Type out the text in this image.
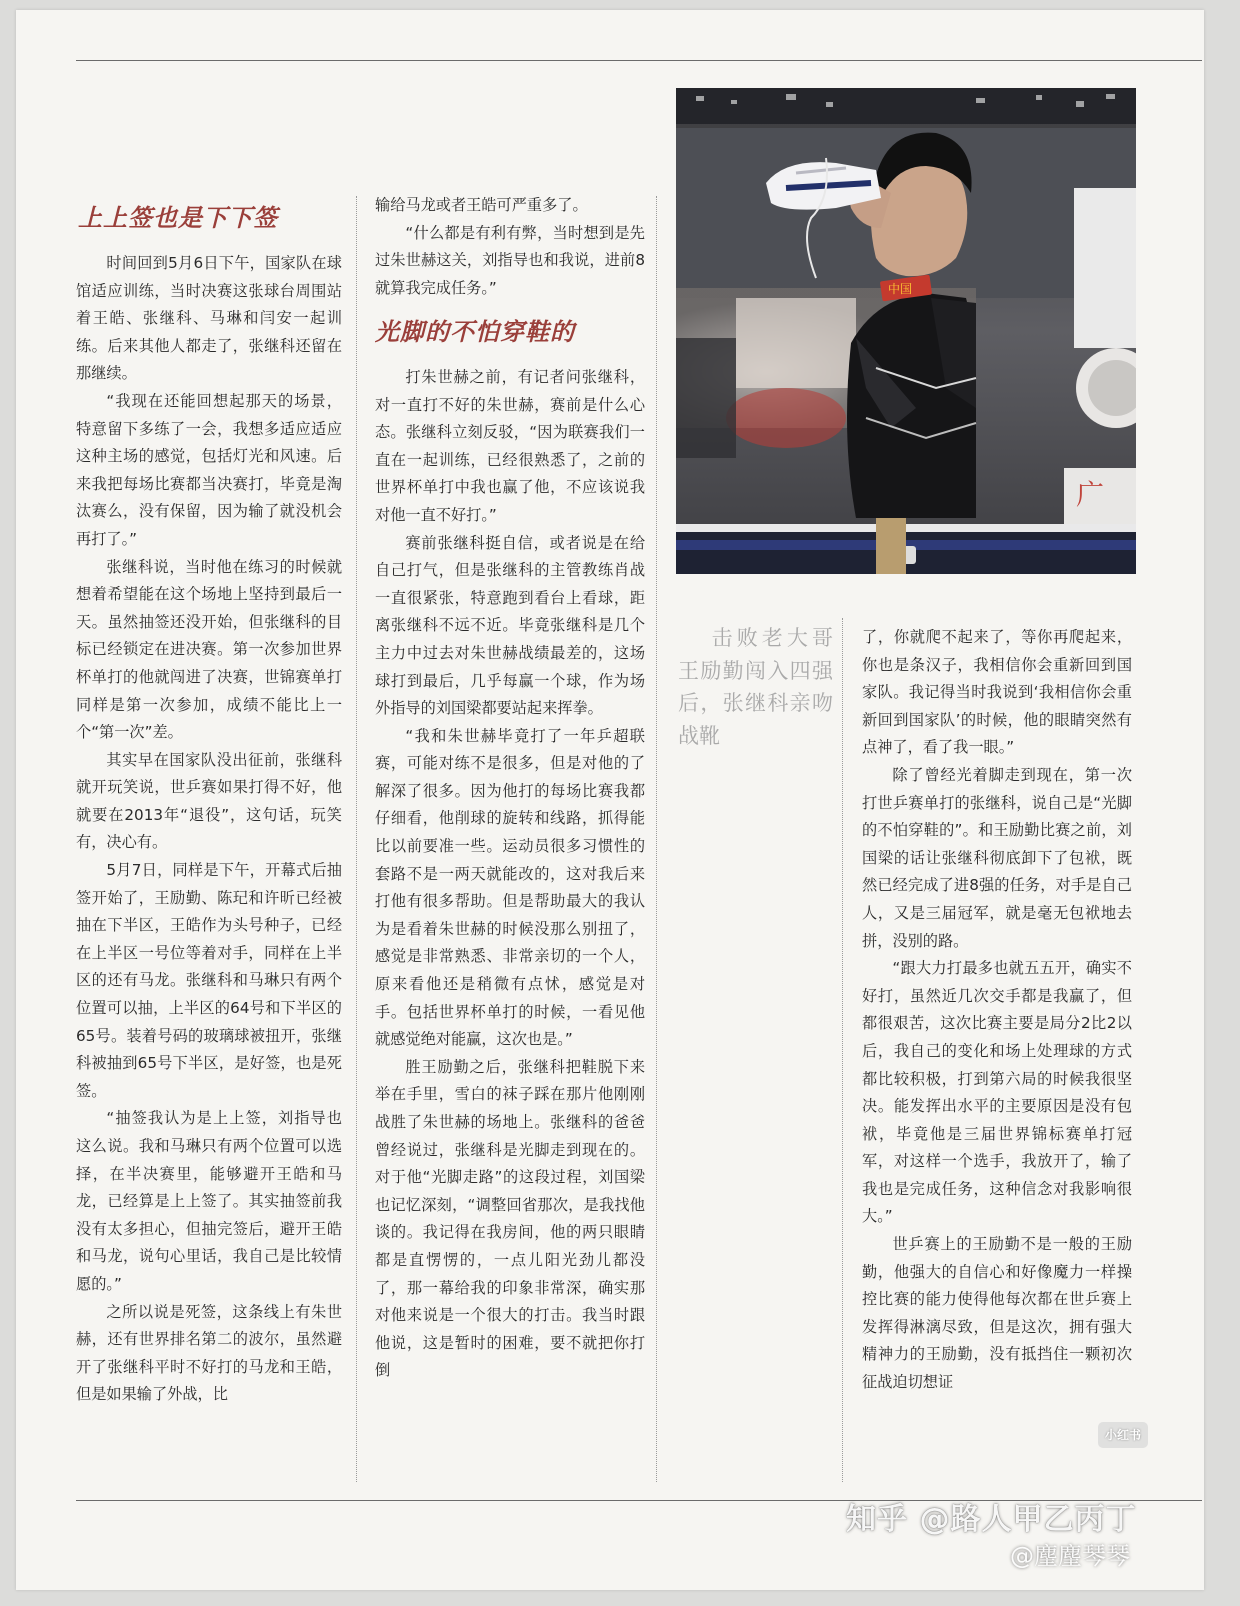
上上签也是下下签

时间回到5月6日下午，国家队在球馆适应训练，当时决赛这张球台周围站着王皓、张继科、马琳和闫安一起训练。后来其他人都走了，张继科还留在那继续。

“我现在还能回想起那天的场景，特意留下多练了一会，我想多适应适应这种主场的感觉，包括灯光和风速。后来我把每场比赛都当决赛打，毕竟是淘汰赛么，没有保留，因为输了就没机会再打了。”

张继科说，当时他在练习的时候就想着希望能在这个场地上坚持到最后一天。虽然抽签还没开始，但张继科的目标已经锁定在进决赛。第一次参加世界杯单打的他就闯进了决赛，世锦赛单打同样是第一次参加，成绩不能比上一个“第一次”差。

其实早在国家队没出征前，张继科就开玩笑说，世乒赛如果打得不好，他就要在2013年“退役”，这句话，玩笑有，决心有。

5月7日，同样是下午，开幕式后抽签开始了，王励勤、陈玘和许昕已经被抽在下半区，王皓作为头号种子，已经在上半区一号位等着对手，同样在上半区的还有马龙。张继科和马琳只有两个位置可以抽，上半区的64号和下半区的65号。装着号码的玻璃球被扭开，张继科被抽到65号下半区，是好签，也是死签。

“抽签我认为是上上签，刘指导也这么说。我和马琳只有两个位置可以选择，在半决赛里，能够避开王皓和马龙，已经算是上上签了。其实抽签前我没有太多担心，但抽完签后，避开王皓和马龙，说句心里话，我自己是比较情愿的。”

之所以说是死签，这条线上有朱世赫，还有世界排名第二的波尔，虽然避开了张继科平时不好打的马龙和王皓，但是如果输了外战，比

输给马龙或者王皓可严重多了。

“什么都是有利有弊，当时想到是先过朱世赫这关，刘指导也和我说，进前8就算我完成任务。”

光脚的不怕穿鞋的

打朱世赫之前，有记者问张继科，对一直打不好的朱世赫，赛前是什么心态。张继科立刻反驳，“因为联赛我们一直在一起训练，已经很熟悉了，之前的世界杯单打中我也赢了他，不应该说我对他一直不好打。”

赛前张继科挺自信，或者说是在给自己打气，但是张继科的主管教练肖战一直很紧张，特意跑到看台上看球，距离张继科不远不近。毕竟张继科是几个主力中过去对朱世赫战绩最差的，这场球打到最后，几乎每赢一个球，作为场外指导的刘国梁都要站起来挥拳。

“我和朱世赫毕竟打了一年乒超联赛，可能对练不是很多，但是对他的了解深了很多。因为他打的每场比赛我都仔细看，他削球的旋转和线路，抓得能比以前要准一些。运动员很多习惯性的套路不是一两天就能改的，这对我后来打他有很多帮助。但是帮助最大的我认为是看着朱世赫的时候没那么别扭了，感觉是非常熟悉、非常亲切的一个人，原来看他还是稍微有点怵，感觉是对手。包括世界杯单打的时候，一看见他就感觉绝对能赢，这次也是。”

胜王励勤之后，张继科把鞋脱下来举在手里，雪白的袜子踩在那片他刚刚战胜了朱世赫的场地上。张继科的爸爸曾经说过，张继科是光脚走到现在的。对于他“光脚走路”的这段过程，刘国梁也记忆深刻，“调整回省那次，是我找他谈的。我记得在我房间，他的两只眼睛都是直愣愣的，一点儿阳光劲儿都没了，那一幕给我的印象非常深，确实那对他来说是一个很大的打击。我当时跟他说，这是暂时的困难，要不就把你打倒

广
中国
击败老大哥王励勤闯入四强后，张继科亲吻战靴

了，你就爬不起来了，等你再爬起来，你也是条汉子，我相信你会重新回到国家队。我记得当时我说到‘我相信你会重新回到国家队’的时候，他的眼睛突然有点神了，看了我一眼。”

除了曾经光着脚走到现在，第一次打世乒赛单打的张继科，说自己是“光脚的不怕穿鞋的”。和王励勤比赛之前，刘国梁的话让张继科彻底卸下了包袱，既然已经完成了进8强的任务，对手是自己人，又是三届冠军，就是毫无包袱地去拼，没别的路。

“跟大力打最多也就五五开，确实不好打，虽然近几次交手都是我赢了，但都很艰苦，这次比赛主要是局分2比2以后，我自己的变化和场上处理球的方式都比较积极，打到第六局的时候我很坚决。能发挥出水平的主要原因是没有包袱，毕竟他是三届世界锦标赛单打冠军，对这样一个选手，我放开了，输了我也是完成任务，这种信念对我影响很大。”

世乒赛上的王励勤不是一般的王励勤，他强大的自信心和好像魔力一样操控比赛的能力使得他每次都在世乒赛上发挥得淋漓尽致，但是这次，拥有强大精神力的王励勤，没有抵挡住一颗初次征战迫切想证

小红书
知乎 @路人甲乙丙丁
@麈麈琴琴
